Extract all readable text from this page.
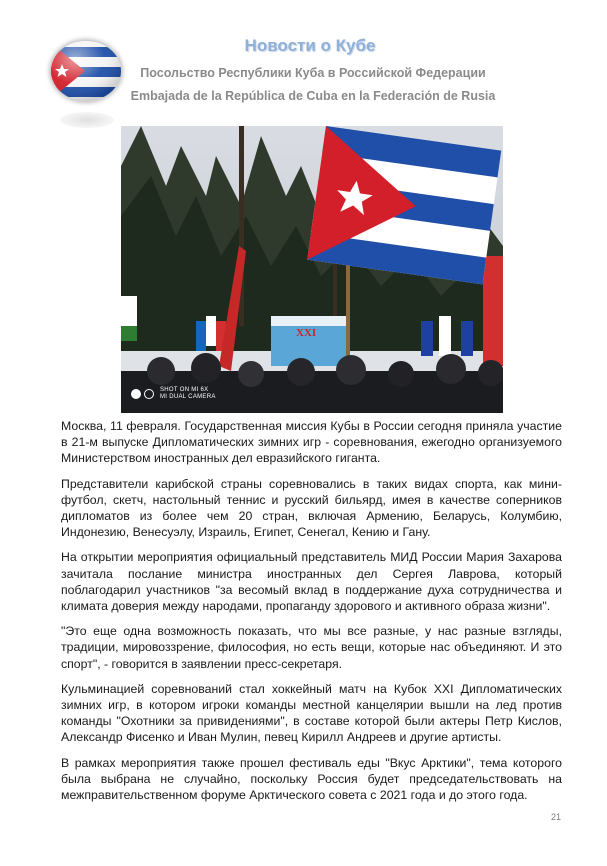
Новости о Кубе
Посольство Республики Куба в Российской Федерации
Embajada de la República de Cuba en la Federación de Rusia
XXI
SHOT ON MI 6X
MI DUAL CAMERA

Москва, 11 февраля. Государственная миссия Кубы в России сегодня приняла участие в 21-м выпуске Дипломатических зимних игр - соревнования, ежегодно организуемого Министерством иностранных дел евразийского гиганта.

Представители карибской страны соревновались в таких видах спорта, как мини-футбол, скетч, настольный теннис и русский бильярд, имея в качестве соперников дипломатов из более чем 20 стран, включая Армению, Беларусь, Колумбию, Индонезию, Венесуэлу, Израиль, Египет, Сенегал, Кению и Гану.

На открытии мероприятия официальный представитель МИД России Мария Захарова зачитала послание министра иностранных дел Сергея Лаврова, который поблагодарил участников "за весомый вклад в поддержание духа сотрудничества и климата доверия между народами, пропаганду здорового и активного образа жизни".

"Это еще одна возможность показать, что мы все разные, у нас разные взгляды, традиции, мировоззрение, философия, но есть вещи, которые нас объединяют. И это спорт", - говорится в заявлении пресс-секретаря.

Кульминацией соревнований стал хоккейный матч на Кубок XXI Дипломатических зимних игр, в котором игроки команды местной канцелярии вышли на лед против команды "Охотники за привидениями", в составе которой были актеры Петр Кислов, Александр Фисенко и Иван Мулин, певец Кирилл Андреев и другие артисты.

В рамках мероприятия также прошел фестиваль еды "Вкус Арктики", тема которого была выбрана не случайно, поскольку Россия будет председательствовать на межправительственном форуме Арктического совета с 2021 года и до этого года.

21
